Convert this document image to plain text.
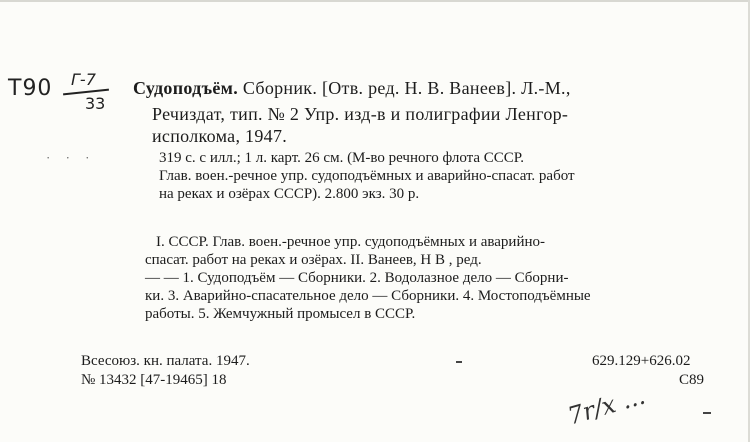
Т90 Г-7
33
· · ·
Судоподъём. Сборник. [Отв. ред. Н. В. Ванеев]. Л.-М.,
Речиздат, тип. № 2 Упр. изд-в и полиграфии Ленгор-
исполкома, 1947.
319 с. с илл.; 1 л. карт. 26 см. (М-во речного флота СССР.
Глав. воен.-речное упр. судоподъёмных и аварийно-спасат. работ
на реках и озёрах СССР). 2.800 экз. 30 р.
I. СССР. Глав. воен.-речное упр. судоподъёмных и аварийно-
спасат. работ на реках и озёрах. II. Ванеев, Н В , ред.
— — 1. Судоподъём — Сборники. 2. Водолазное дело — Сборни-
ки. 3. Аварийно-спасательное дело — Сборники. 4. Мостоподъёмные
работы. 5. Жемчужный промысел в СССР.
Всесоюз. кн. палата. 1947.
№ 13432 [47-19465] 18
629.129+626.02
С89
7r/x ...
